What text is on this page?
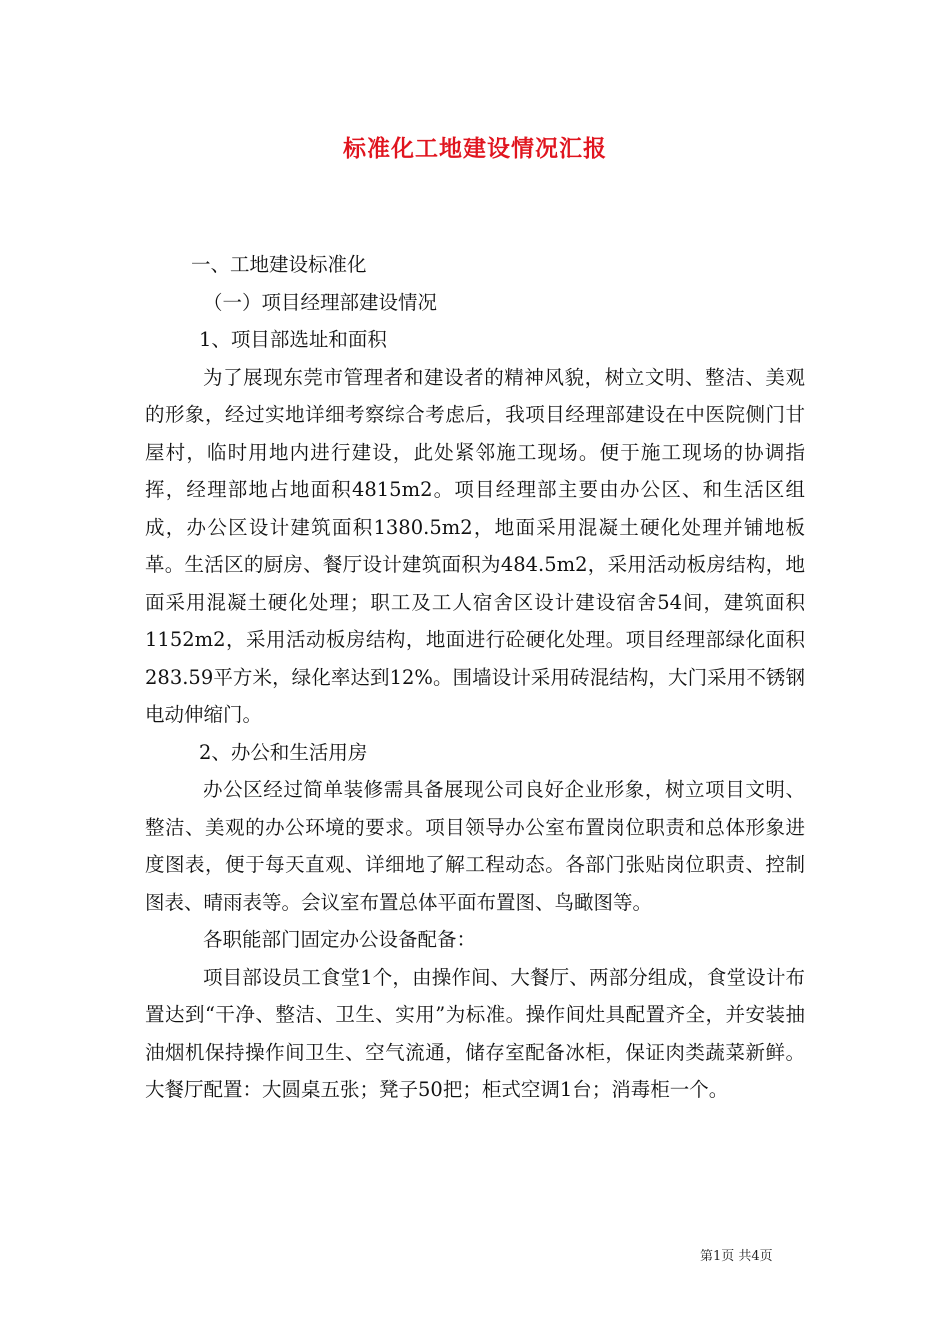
标准化工地建设情况汇报

一、工地建设标准化

（一）项目经理部建设情况

1、项目部选址和面积

为了展现东莞市管理者和建设者的精神风貌，树立文明、整洁、美观的形象，经过实地详细考察综合考虑后，我项目经理部建设在中医院侧门甘屋村，临时用地内进行建设，此处紧邻施工现场。便于施工现场的协调指挥，经理部地占地面积4815m2。项目经理部主要由办公区、和生活区组成，办公区设计建筑面积1380.5m2，地面采用混凝土硬化处理并铺地板革。生活区的厨房、餐厅设计建筑面积为484.5m2，采用活动板房结构，地面采用混凝土硬化处理；职工及工人宿舍区设计建设宿舍54间，建筑面积1152m2，采用活动板房结构，地面进行砼硬化处理。项目经理部绿化面积283.59平方米，绿化率达到12%。围墙设计采用砖混结构，大门采用不锈钢电动伸缩门。

2、办公和生活用房

办公区经过简单装修需具备展现公司良好企业形象，树立项目文明、整洁、美观的办公环境的要求。项目领导办公室布置岗位职责和总体形象进度图表，便于每天直观、详细地了解工程动态。各部门张贴岗位职责、控制图表、晴雨表等。会议室布置总体平面布置图、鸟瞰图等。

各职能部门固定办公设备配备：

项目部设员工食堂1个，由操作间、大餐厅、两部分组成，食堂设计布置达到“干净、整洁、卫生、实用”为标准。操作间灶具配置齐全，并安装抽油烟机保持操作间卫生、空气流通，储存室配备冰柜，保证肉类蔬菜新鲜。大餐厅配置：大圆桌五张；凳子50把；柜式空调1台；消毒柜一个。

第1页 共4页
